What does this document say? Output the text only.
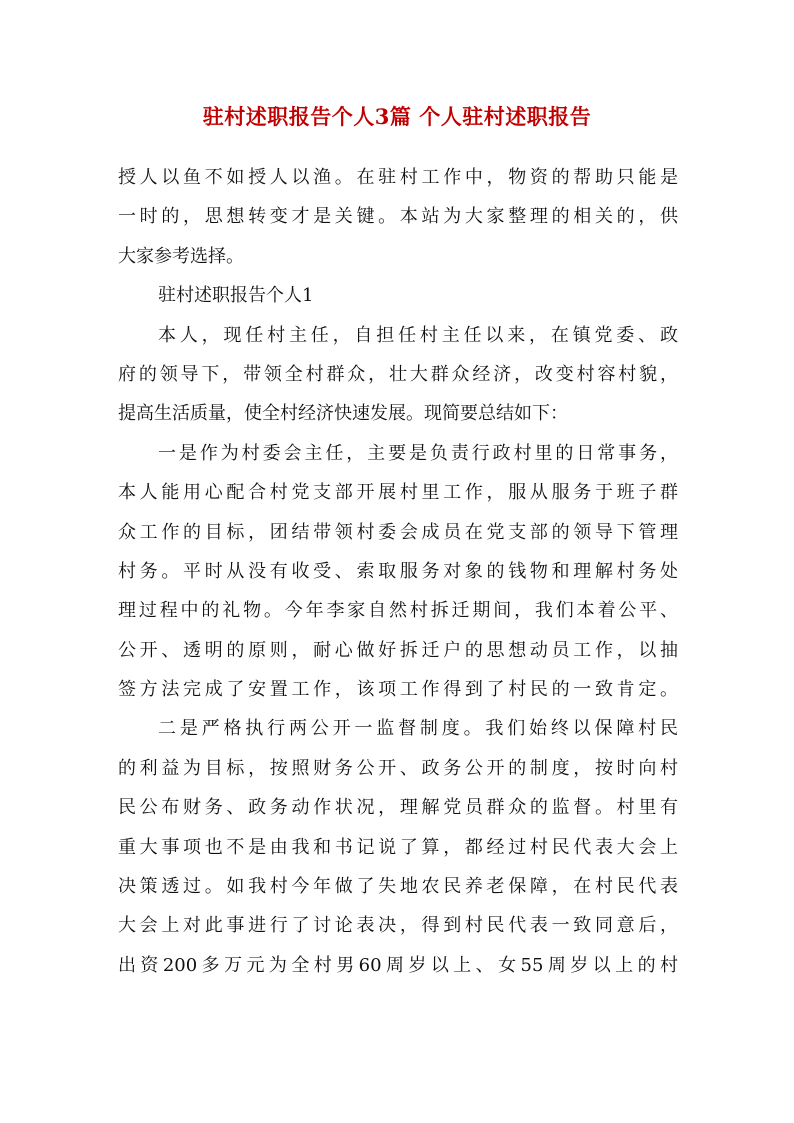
驻村述职报告个人3篇 个人驻村述职报告
授人以鱼不如授人以渔。在驻村工作中，物资的帮助只能是
一时的，思想转变才是关键。本站为大家整理的相关的，供
大家参考选择。
驻村述职报告个人1
本人，现任村主任，自担任村主任以来，在镇党委、政
府的领导下，带领全村群众，壮大群众经济，改变村容村貌，
提高生活质量，使全村经济快速发展。现简要总结如下：
一是作为村委会主任，主要是负责行政村里的日常事务，
本人能用心配合村党支部开展村里工作，服从服务于班子群
众工作的目标，团结带领村委会成员在党支部的领导下管理
村务。平时从没有收受、索取服务对象的钱物和理解村务处
理过程中的礼物。今年李家自然村拆迁期间，我们本着公平、
公开、透明的原则，耐心做好拆迁户的思想动员工作，以抽
签方法完成了安置工作，该项工作得到了村民的一致肯定。
二是严格执行两公开一监督制度。我们始终以保障村民
的利益为目标，按照财务公开、政务公开的制度，按时向村
民公布财务、政务动作状况，理解党员群众的监督。村里有
重大事项也不是由我和书记说了算，都经过村民代表大会上
决策透过。如我村今年做了失地农民养老保障，在村民代表
大会上对此事进行了讨论表决，得到村民代表一致同意后，
出资200多万元为全村男60周岁以上、女55周岁以上的村
